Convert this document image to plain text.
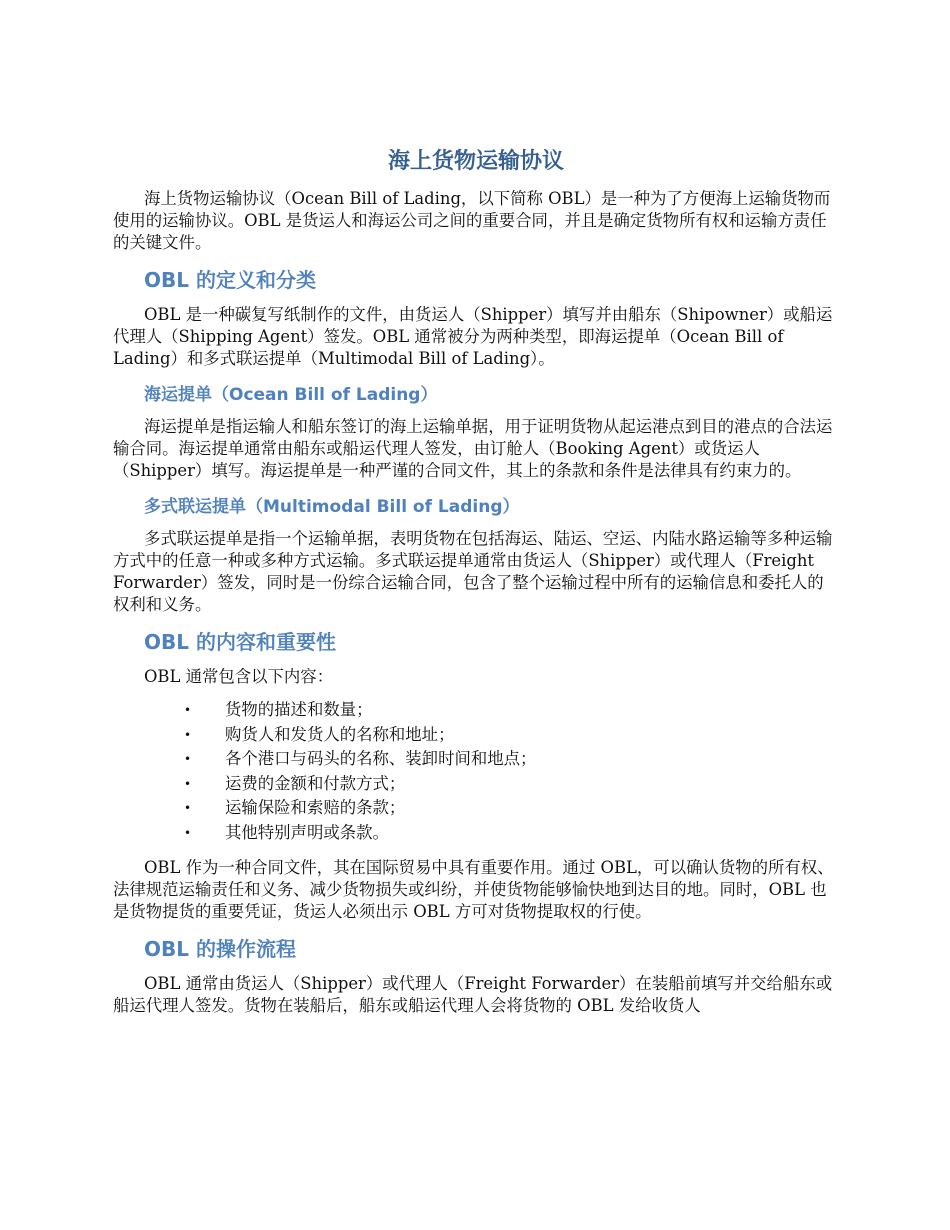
海上货物运输协议

海上货物运输协议（Ocean Bill of Lading，以下简称 OBL）是一种为了方便海上运输货物而使用的运输协议。OBL 是货运人和海运公司之间的重要合同，并且是确定货物所有权和运输方责任的关键文件。

OBL 的定义和分类

OBL 是一种碳复写纸制作的文件，由货运人（Shipper）填写并由船东（Shipowner）或船运代理人（Shipping Agent）签发。OBL 通常被分为两种类型，即海运提单（Ocean Bill of Lading）和多式联运提单（Multimodal Bill of Lading）。

海运提单（Ocean Bill of Lading）

海运提单是指运输人和船东签订的海上运输单据，用于证明货物从起运港点到目的港点的合法运输合同。海运提单通常由船东或船运代理人签发，由订舱人（Booking Agent）或货运人（Shipper）填写。海运提单是一种严谨的合同文件，其上的条款和条件是法律具有约束力的。

多式联运提单（Multimodal Bill of Lading）

多式联运提单是指一个运输单据，表明货物在包括海运、陆运、空运、内陆水路运输等多种运输方式中的任意一种或多种方式运输。多式联运提单通常由货运人（Shipper）或代理人（Freight Forwarder）签发，同时是一份综合运输合同，包含了整个运输过程中所有的运输信息和委托人的权利和义务。

OBL 的内容和重要性

OBL 通常包含以下内容：

• 货物的描述和数量；
• 购货人和发货人的名称和地址；
• 各个港口与码头的名称、装卸时间和地点；
• 运费的金额和付款方式；
• 运输保险和索赔的条款；
• 其他特别声明或条款。

OBL 作为一种合同文件，其在国际贸易中具有重要作用。通过 OBL，可以确认货物的所有权、法律规范运输责任和义务、减少货物损失或纠纷，并使货物能够愉快地到达目的地。同时，OBL 也是货物提货的重要凭证，货运人必须出示 OBL 方可对货物提取权的行使。

OBL 的操作流程

OBL 通常由货运人（Shipper）或代理人（Freight Forwarder）在装船前填写并交给船东或船运代理人签发。货物在装船后，船东或船运代理人会将货物的 OBL 发给收货人
